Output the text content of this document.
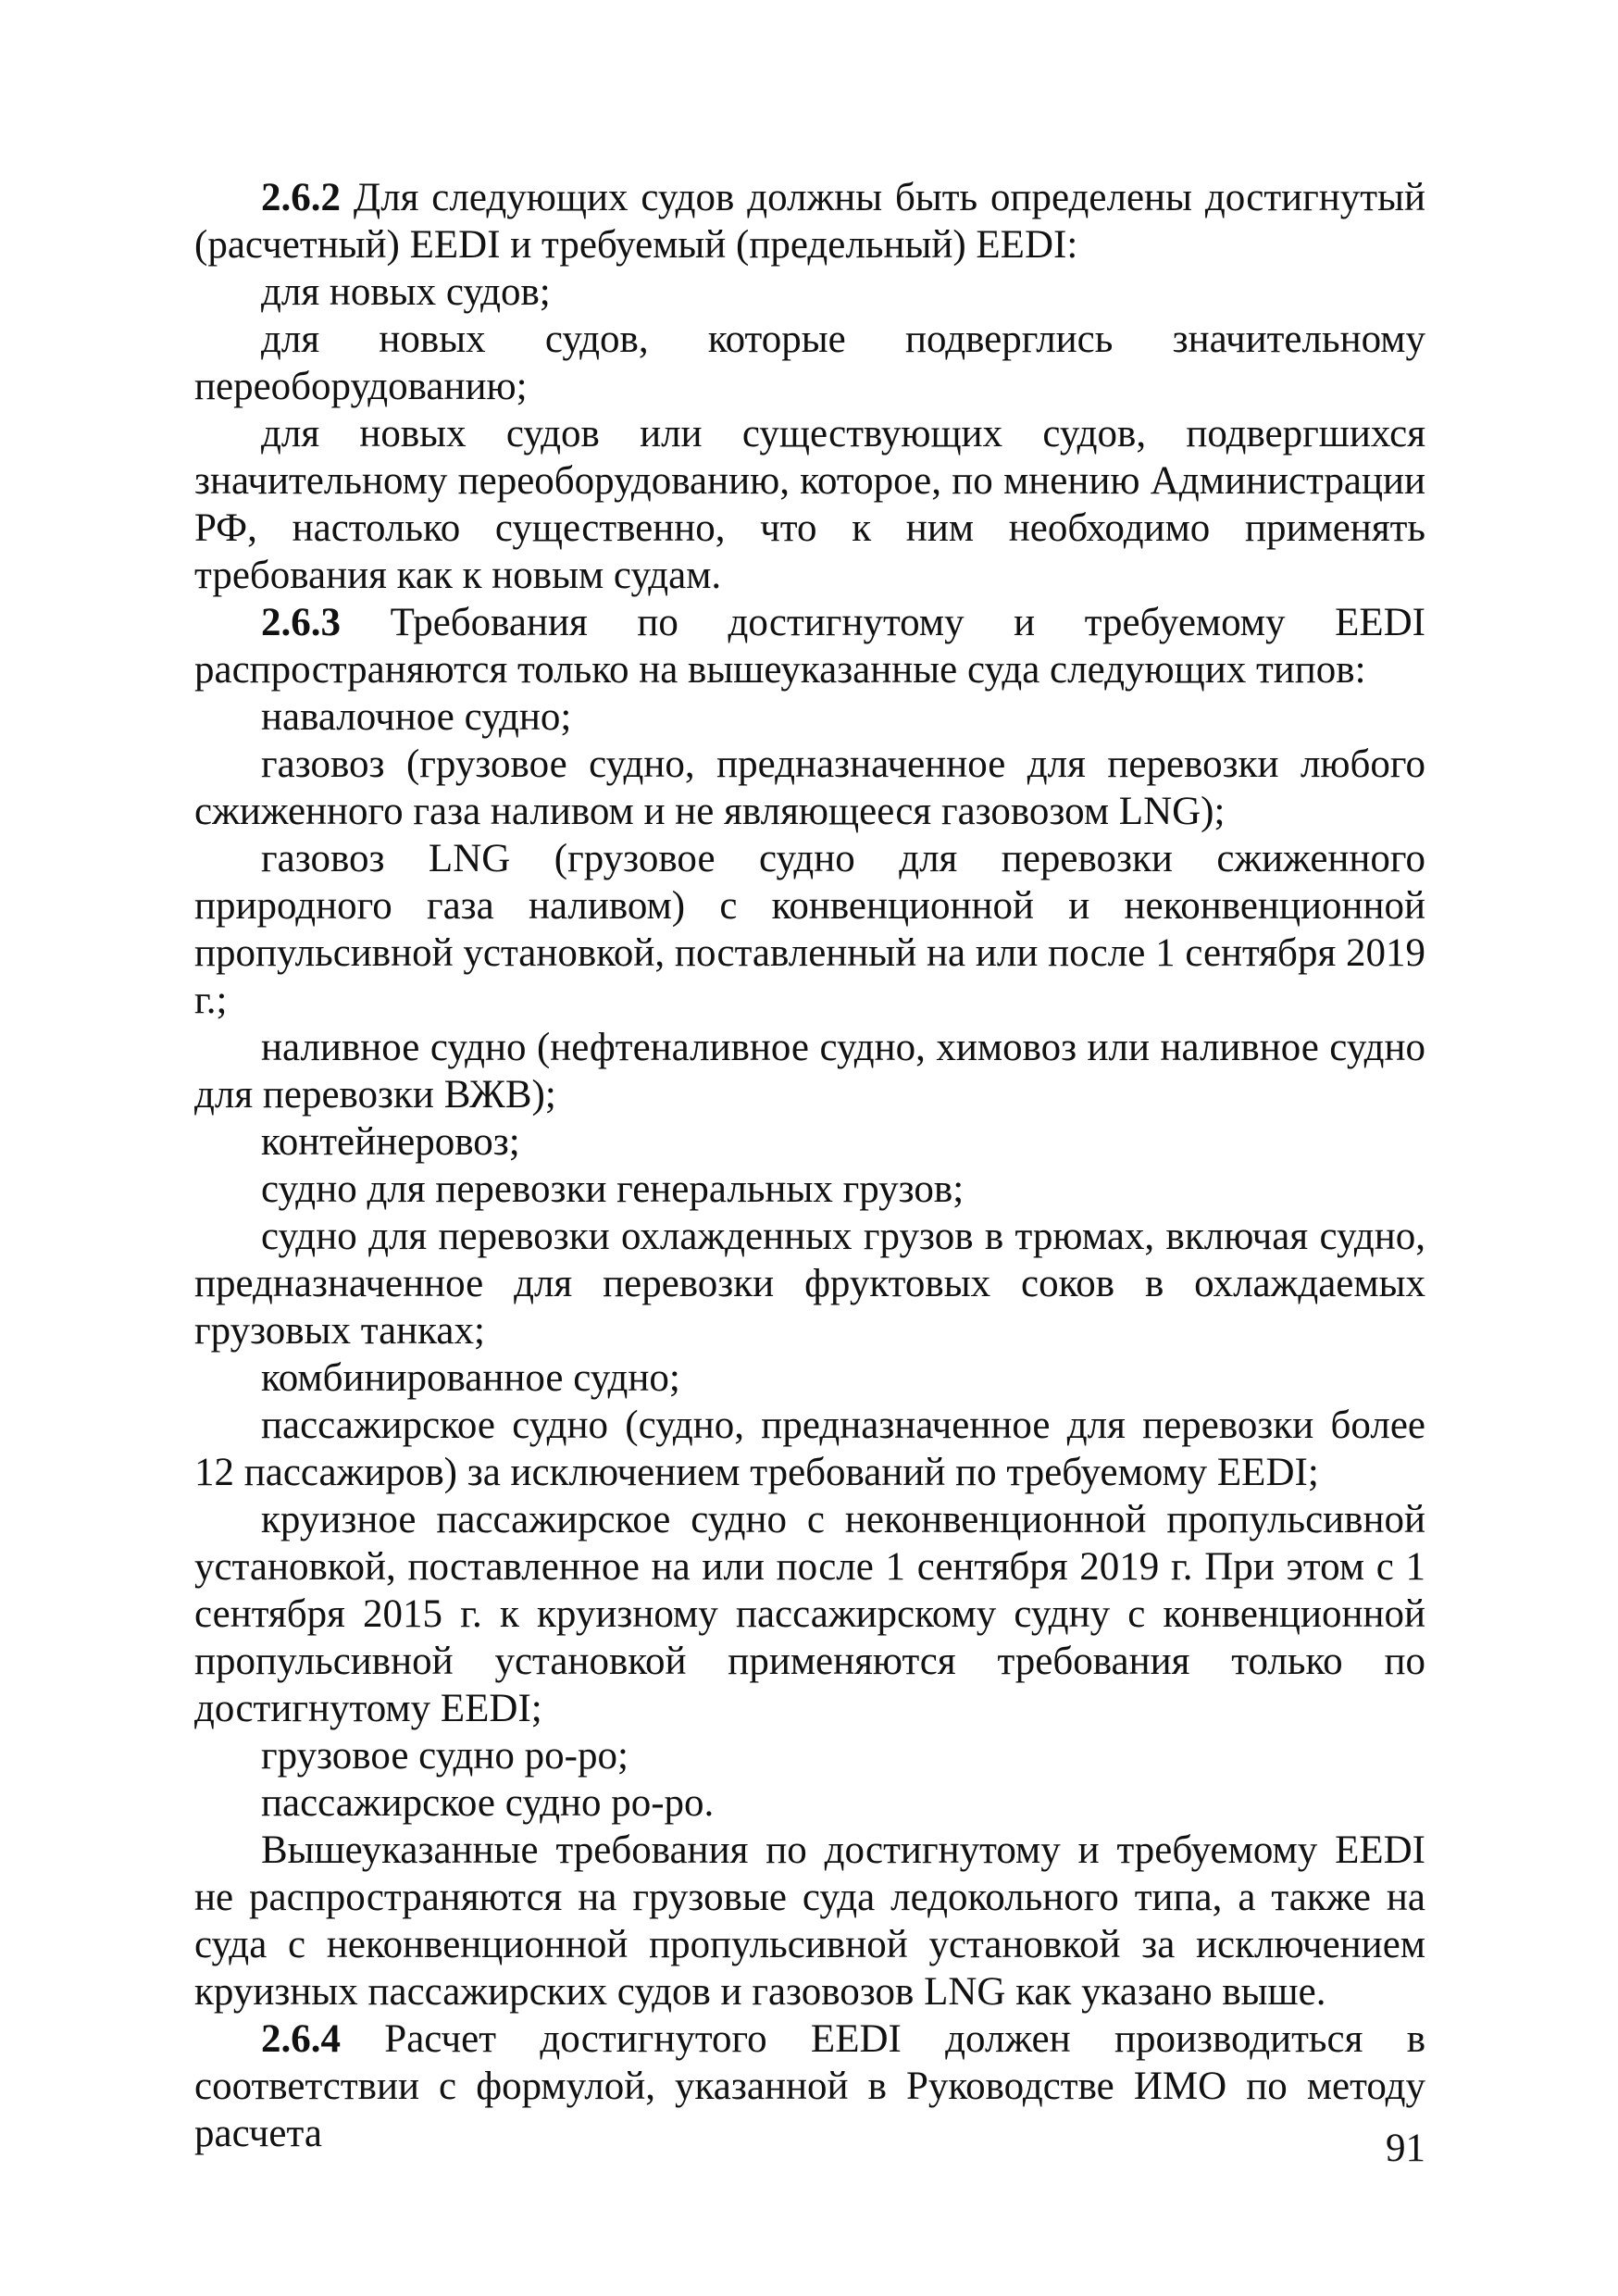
2.6.2 Для следующих судов должны быть определены достигнутый (расчетный) EEDI и требуемый (предельный) EEDI:

для новых судов;

для новых судов, которые подверглись значительному переоборудованию;

для новых судов или существующих судов, подвергшихся значительному переоборудованию, которое, по мнению Администрации РФ, настолько существенно, что к ним необходимо применять требования как к новым судам.

2.6.3 Требования по достигнутому и требуемому EEDI распространяются только на вышеуказанные суда следующих типов:

навалочное судно;

газовоз (грузовое судно, предназначенное для перевозки любого сжиженного газа наливом и не являющееся газовозом LNG);

газовоз LNG (грузовое судно для перевозки сжиженного природного газа наливом) с конвенционной и неконвенционной пропульсивной установкой, поставленный на или после 1 сентября 2019 г.;

наливное судно (нефтеналивное судно, химовоз или наливное судно для перевозки ВЖВ);

контейнеровоз;

судно для перевозки генеральных грузов;

судно для перевозки охлажденных грузов в трюмах, включая судно, предназначенное для перевозки фруктовых соков в охлаждаемых грузовых танках;

комбинированное судно;

пассажирское судно (судно, предназначенное для перевозки более 12 пассажиров) за исключением требований по требуемому EEDI;

круизное пассажирское судно с неконвенционной пропульсивной установкой, поставленное на или после 1 сентября 2019 г. При этом с 1 сентября 2015 г. к круизному пассажирскому судну с конвенционной пропульсивной установкой применяются требования только по достигнутому EEDI;

грузовое судно ро-ро;

пассажирское судно ро-ро.

Вышеуказанные требования по достигнутому и требуемому EEDI не распространяются на грузовые суда ледокольного типа, а также на суда с неконвенционной пропульсивной установкой за исключением круизных пассажирских судов и газовозов LNG как указано выше.

2.6.4 Расчет достигнутого EEDI должен производиться в соответствии с формулой, указанной в Руководстве ИМО по методу расчета	91
